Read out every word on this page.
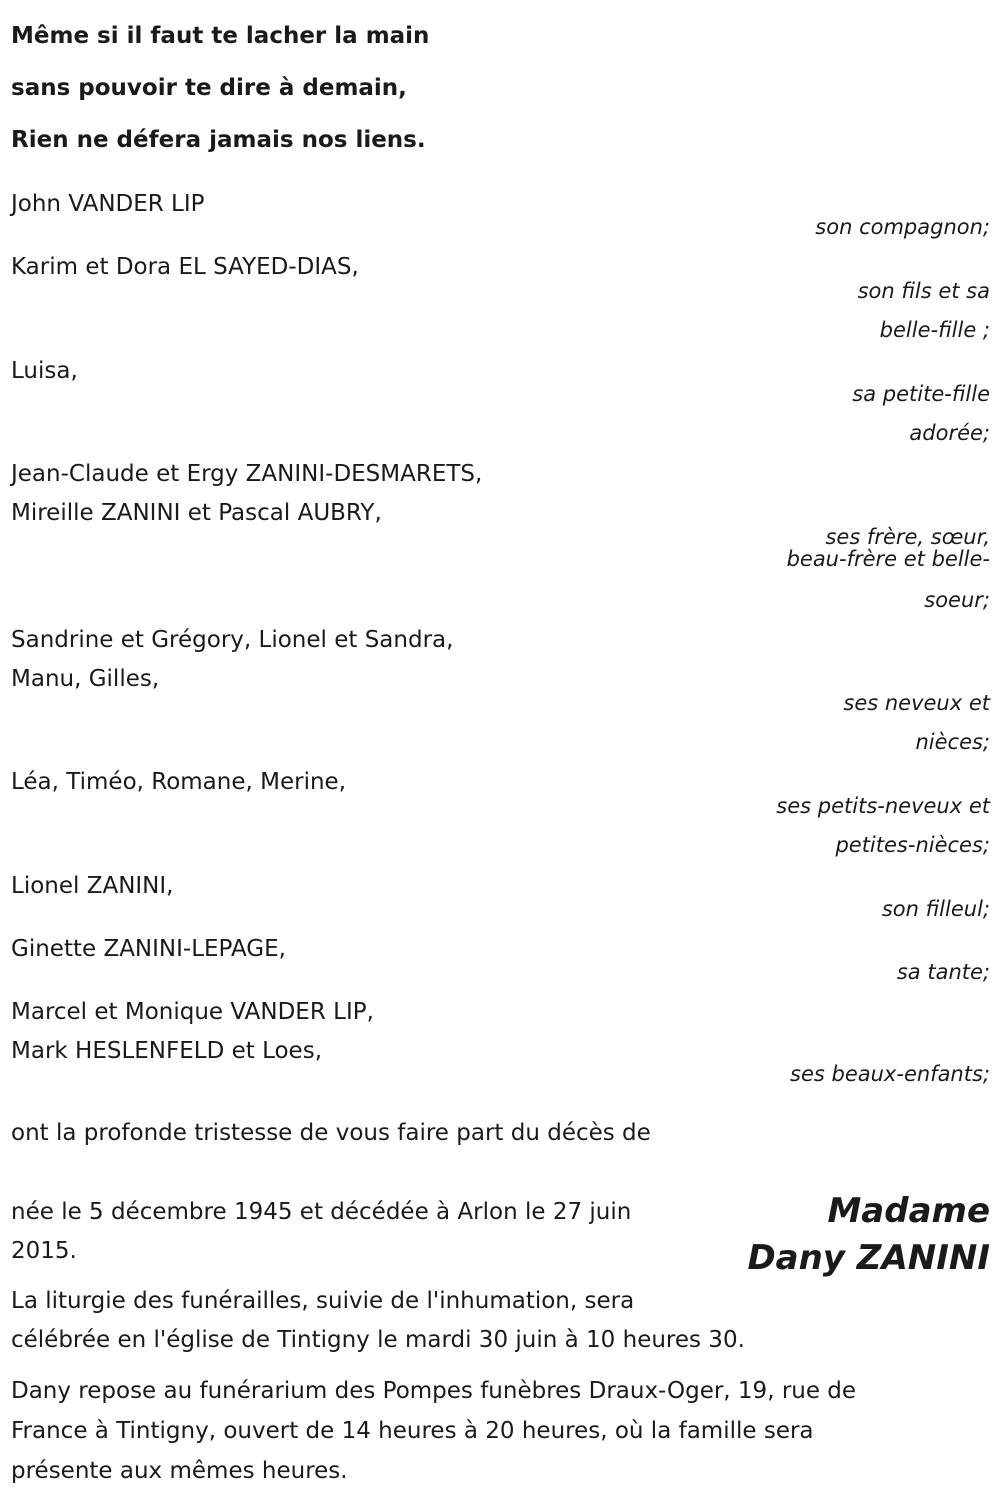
Même si il faut te lacher la main
sans pouvoir te dire à demain,
Rien ne défera jamais nos liens.
John VANDER LIP
son compagnon;
Karim et Dora EL SAYED-DIAS,
son fils et sa
belle-fille ;
Luisa,
sa petite-fille
adorée;
Jean-Claude et Ergy ZANINI-DESMARETS,
Mireille ZANINI et Pascal AUBRY,
ses frère, sœur,
beau-frère et belle-
soeur;
Sandrine et Grégory, Lionel et Sandra,
Manu, Gilles,
ses neveux et
nièces;
Léa, Timéo, Romane, Merine,
ses petits-neveux et
petites-nièces;
Lionel ZANINI,
son filleul;
Ginette ZANINI-LEPAGE,
sa tante;
Marcel et Monique VANDER LIP,
Mark HESLENFELD et Loes,
ses beaux-enfants;
ont la profonde tristesse de vous faire part du décès de
Madame
Dany ZANINI
née le 5 décembre 1945 et décédée à Arlon le 27 juin
2015.
La liturgie des funérailles, suivie de l'inhumation, sera
célébrée en l'église de Tintigny le mardi 30 juin à 10 heures 30.
Dany repose au funérarium des Pompes funèbres Draux-Oger, 19, rue de
France à Tintigny, ouvert de 14 heures à 20 heures, où la famille sera
présente aux mêmes heures.
